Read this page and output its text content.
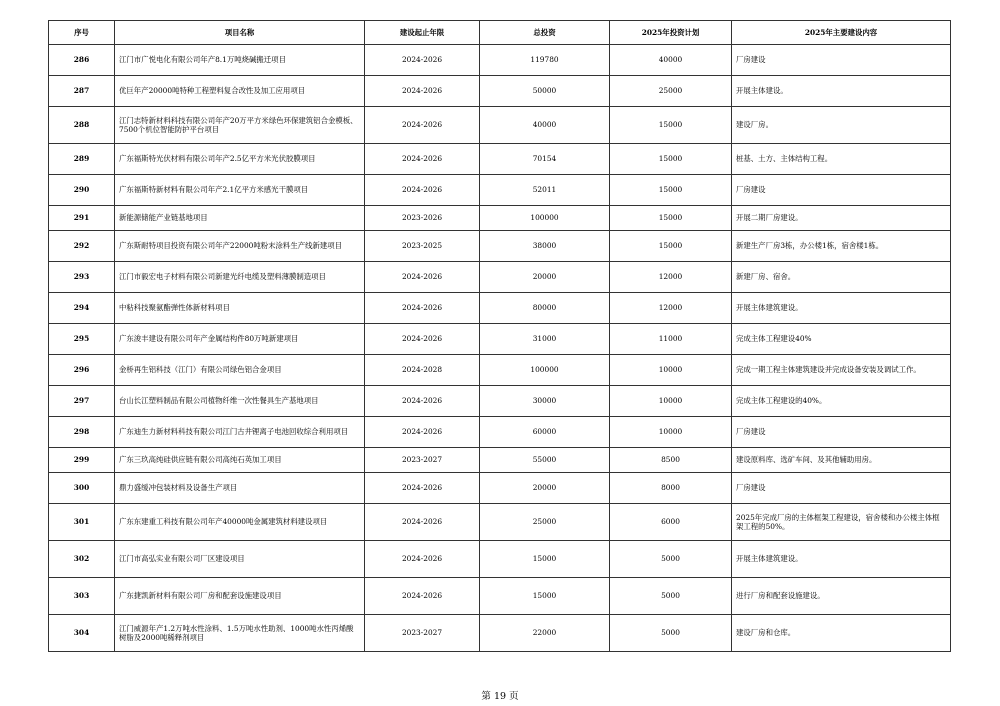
序号	项目名称	建设起止年限	总投资	2025年投资计划	2025年主要建设内容
286	江门市广悦电化有限公司年产8.1万吨烧碱搬迁项目	2024-2026	119780	40000	厂房建设
287	优巨年产20000吨特种工程塑料复合改性及加工应用项目	2024-2026	50000	25000	开展主体建设。
288	江门志特新材料科技有限公司年产20万平方米绿色环保建筑铝合金模板、7500个机位智能防护平台项目	2024-2026	40000	15000	建设厂房。
289	广东福斯特光伏材料有限公司年产2.5亿平方米光伏胶膜项目	2024-2026	70154	15000	桩基、土方、主体结构工程。
290	广东福斯特新材料有限公司年产2.1亿平方米感光干膜项目	2024-2026	52011	15000	厂房建设
291	新能源储能产业链基地项目	2023-2026	100000	15000	开展二期厂房建设。
292	广东斯耐特项目投资有限公司年产22000吨粉末涂料生产线新建项目	2023-2025	38000	15000	新建生产厂房3栋，办公楼1栋，宿舍楼1栋。
293	江门市毅宏电子材料有限公司新建光纤电缆及塑料薄膜制造项目	2024-2026	20000	12000	新建厂房、宿舍。
294	中粘科技聚氨酯弹性体新材料项目	2024-2026	80000	12000	开展主体建筑建设。
295	广东浚丰建设有限公司年产金属结构件80万吨新建项目	2024-2026	31000	11000	完成主体工程建设40%
296	金桥再生铝科技（江门）有限公司绿色铝合金项目	2024-2028	100000	10000	完成一期工程主体建筑建设并完成设备安装及调试工作。
297	台山长江塑料制品有限公司植物纤维一次性餐具生产基地项目	2024-2026	30000	10000	完成主体工程建设的40%。
298	广东迪生力新材料科技有限公司江门古井锂离子电池回收综合利用项目	2024-2026	60000	10000	厂房建设
299	广东三玖高纯硅供应链有限公司高纯石英加工项目	2023-2027	55000	8500	建设原料库、选矿车间、及其他辅助用房。
300	鼎力盛缓冲包装材料及设备生产项目	2024-2026	20000	8000	厂房建设
301	广东东建重工科技有限公司年产40000吨金属建筑材料建设项目	2024-2026	25000	6000	2025年完成厂房的主体框架工程建设，宿舍楼和办公楼主体框架工程的50%。
302	江门市高弘实业有限公司厂区建设项目	2024-2026	15000	5000	开展主体建筑建设。
303	广东捷凯新材料有限公司厂房和配套设施建设项目	2024-2026	15000	5000	进行厂房和配套设施建设。
304	江门威源年产1.2万吨水性涂料、1.5万吨水性助剂、1000吨水性丙烯酸树脂及2000吨稀释剂项目	2023-2027	22000	5000	建设厂房和仓库。
第 19 页
